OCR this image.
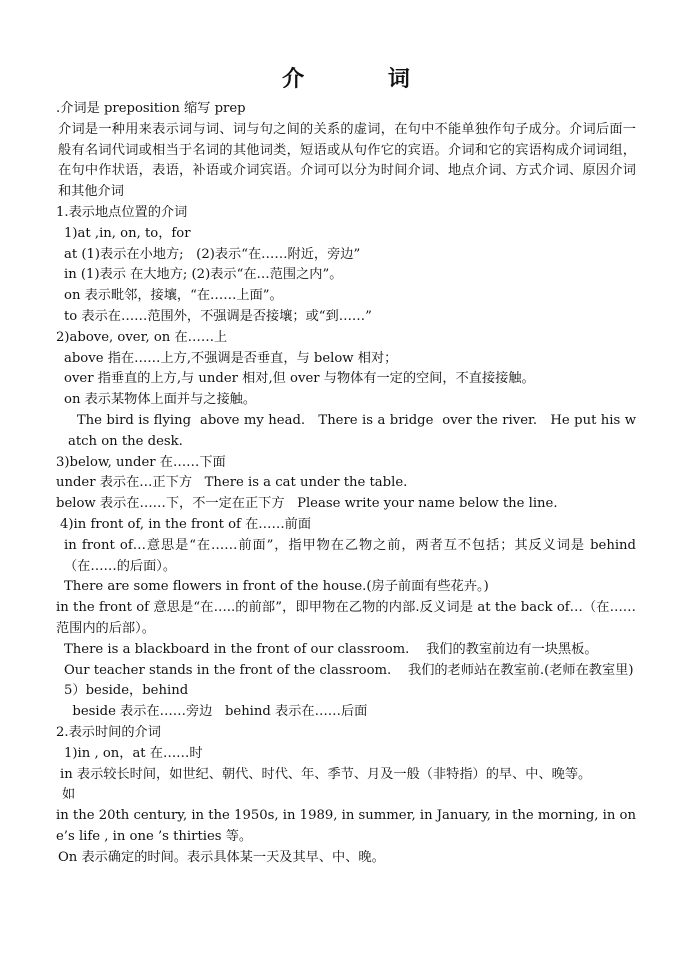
介 词
.介词是 preposition 缩写 prep
介词是一种用来表示词与词、词与句之间的关系的虚词，在句中不能单独作句子成分。介词后面一般有名词代词或相当于名词的其他词类，短语或从句作它的宾语。介词和它的宾语构成介词词组，在句中作状语，表语，补语或介词宾语。介词可以分为时间介词、地点介词、方式介词、原因介词和其他介词
1.表示地点位置的介词
1)at ,in, on, to，for
at (1)表示在小地方;   (2)表示“在……附近，旁边”
in (1)表示 在大地方; (2)表示“在…范围之内”。
on 表示毗邻，接壤，“在……上面”。
to 表示在……范围外，不强调是否接壤；或“到……”
2)above, over, on 在……上
above 指在……上方,不强调是否垂直，与 below 相对；
over 指垂直的上方,与 under 相对,但 over 与物体有一定的空间，不直接接触。
on 表示某物体上面并与之接触。
The bird is flying  above my head.   There is a bridge  over the river.   He put his watch on the desk.
3)below, under 在……下面
under 表示在…正下方   There is a cat under the table.
below 表示在……下，不一定在正下方   Please write your name below the line.
4)in front of, in the front of 在……前面
in front of…意思是“在……前面”，指甲物在乙物之前，两者互不包括；其反义词是 behind（在……的后面）。
There are some flowers in front of the house.(房子前面有些花卉。)
in the front of 意思是“在…..的前部”，即甲物在乙物的内部.反义词是 at the back of…（在……范围内的后部）。
There is a blackboard in the front of our classroom.    我们的教室前边有一块黑板。
Our teacher stands in the front of the classroom.    我们的老师站在教室前.(老师在教室里)
5）beside，behind
beside 表示在……旁边   behind 表示在……后面
2.表示时间的介词
1)in , on，at 在……时
in 表示较长时间，如世纪、朝代、时代、年、季节、月及一般（非特指）的早、中、晚等。
如
in the 20th century, in the 1950s, in 1989, in summer, in January, in the morning, in one’s life , in one ’s thirties 等。
On 表示确定的时间。表示具体某一天及其早、中、晚。
